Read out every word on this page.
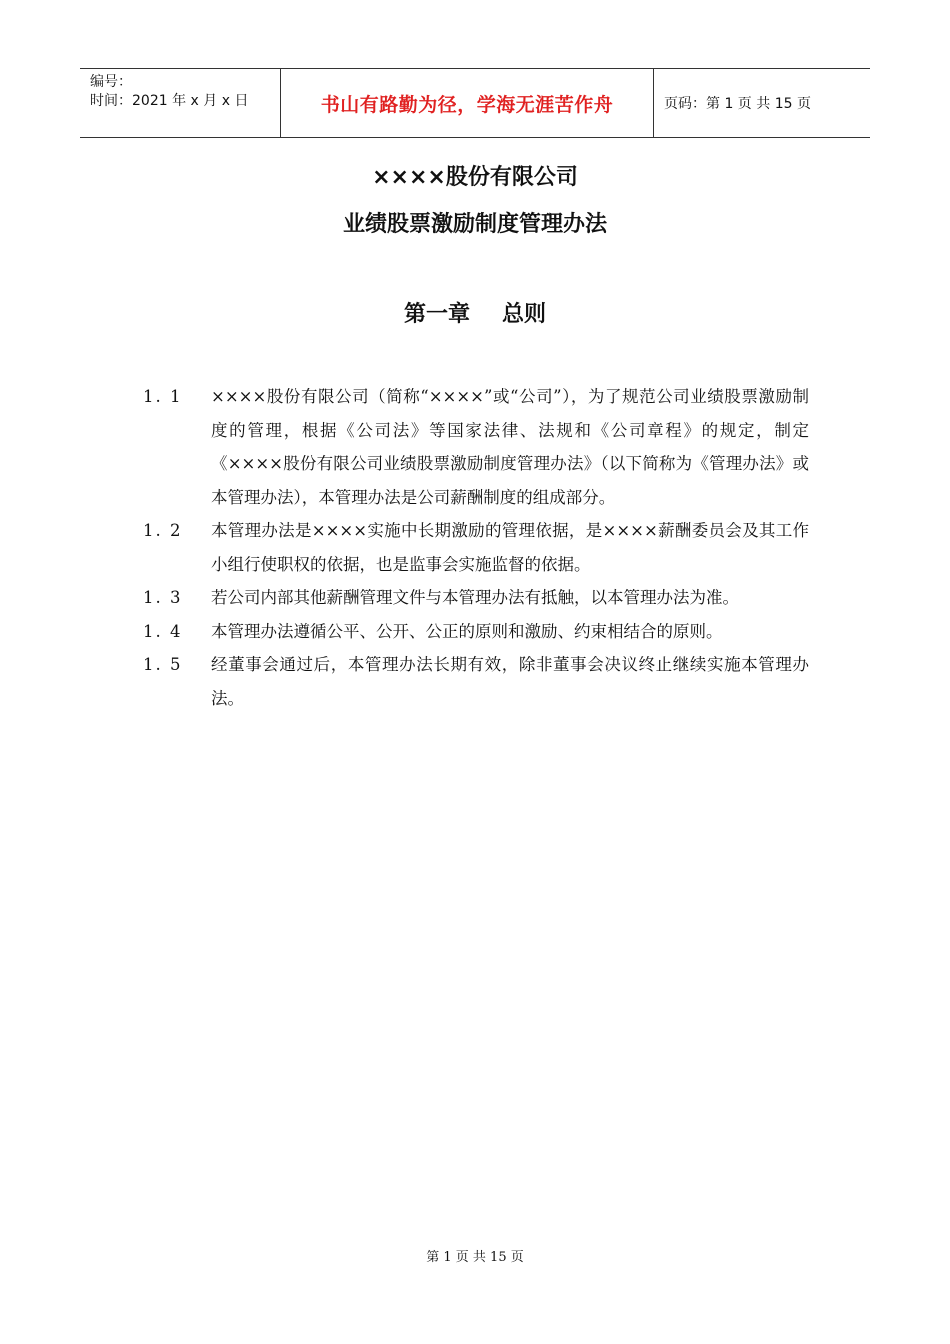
编号：
时间：2021 年 x 月 x 日	书山有路勤为径，学海无涯苦作舟	页码：第 1 页 共 15 页
××××股份有限公司
业绩股票激励制度管理办法
第一章 总则
1. 1	××××股份有限公司（简称“××××”或“公司”），为了规范公司业绩股票激励制度的管理，根据《公司法》等国家法律、法规和《公司章程》的规定，制定《××××股份有限公司业绩股票激励制度管理办法》（以下简称为《管理办法》或本管理办法），本管理办法是公司薪酬制度的组成部分。
1. 2	本管理办法是××××实施中长期激励的管理依据，是××××薪酬委员会及其工作小组行使职权的依据，也是监事会实施监督的依据。
1. 3	若公司内部其他薪酬管理文件与本管理办法有抵触，以本管理办法为准。
1. 4	本管理办法遵循公平、公开、公正的原则和激励、约束相结合的原则。
1. 5	经董事会通过后，本管理办法长期有效，除非董事会决议终止继续实施本管理办法。
第 1 页 共 15 页
